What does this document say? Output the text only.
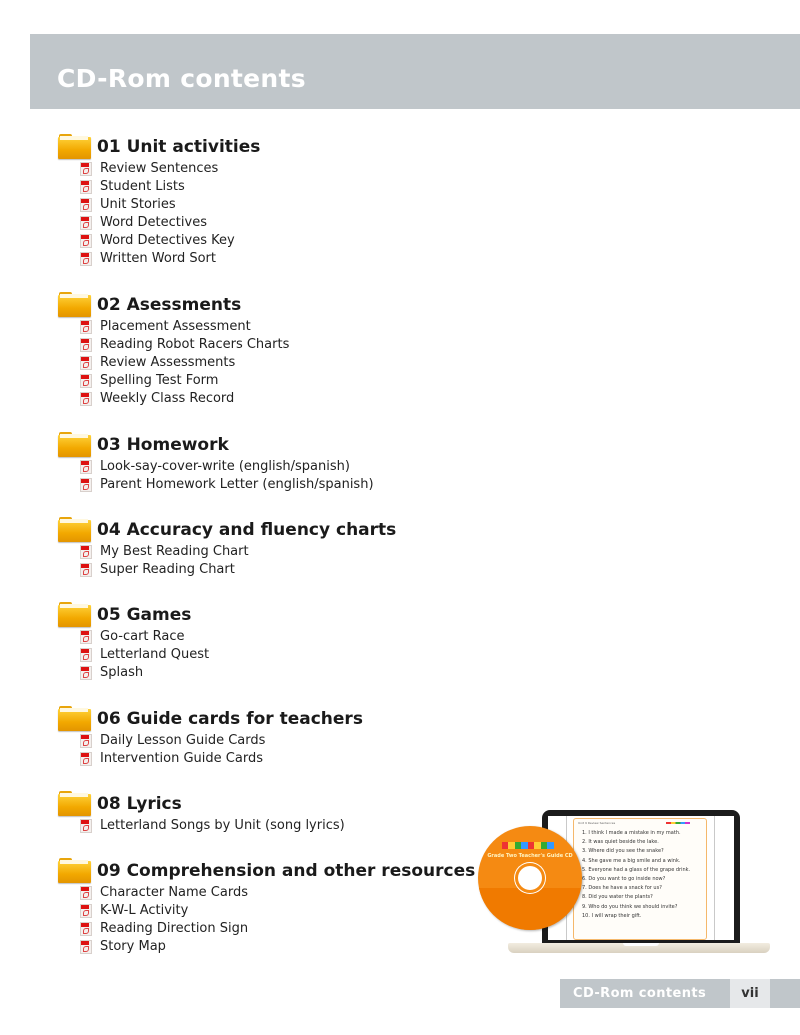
CD-Rom contents
01 Unit activities
Review Sentences
Student Lists
Unit Stories
Word Detectives
Word Detectives Key
Written Word Sort
02 Asessments
Placement Assessment
Reading Robot Racers Charts
Review Assessments
Spelling Test Form
Weekly Class Record
03 Homework
Look-say-cover-write (english/spanish)
Parent Homework Letter (english/spanish)
04 Accuracy and fluency charts
My Best Reading Chart
Super Reading Chart
05 Games
Go-cart Race
Letterland Quest
Splash
06 Guide cards for teachers
Daily Lesson Guide Cards
Intervention Guide Cards
08 Lyrics
Letterland Songs by Unit (song lyrics)
09 Comprehension and other resources
Character Name Cards
K-W-L Activity
Reading Direction Sign
Story Map
Unit 9 Review Sentences
1. I think I made a mistake in my math.
2. It was quiet beside the lake.
3. Where did you see the snake?
4. She gave me a big smile and a wink.
5. Everyone had a glass of the grape drink.
6. Do you want to go inside now?
7. Does he have a snack for us?
8. Did you water the plants?
9. Who do you think we should invite?
10. I will wrap their gift.
Grade Two Teacher's Guide CD
CD-Rom contents	vii
